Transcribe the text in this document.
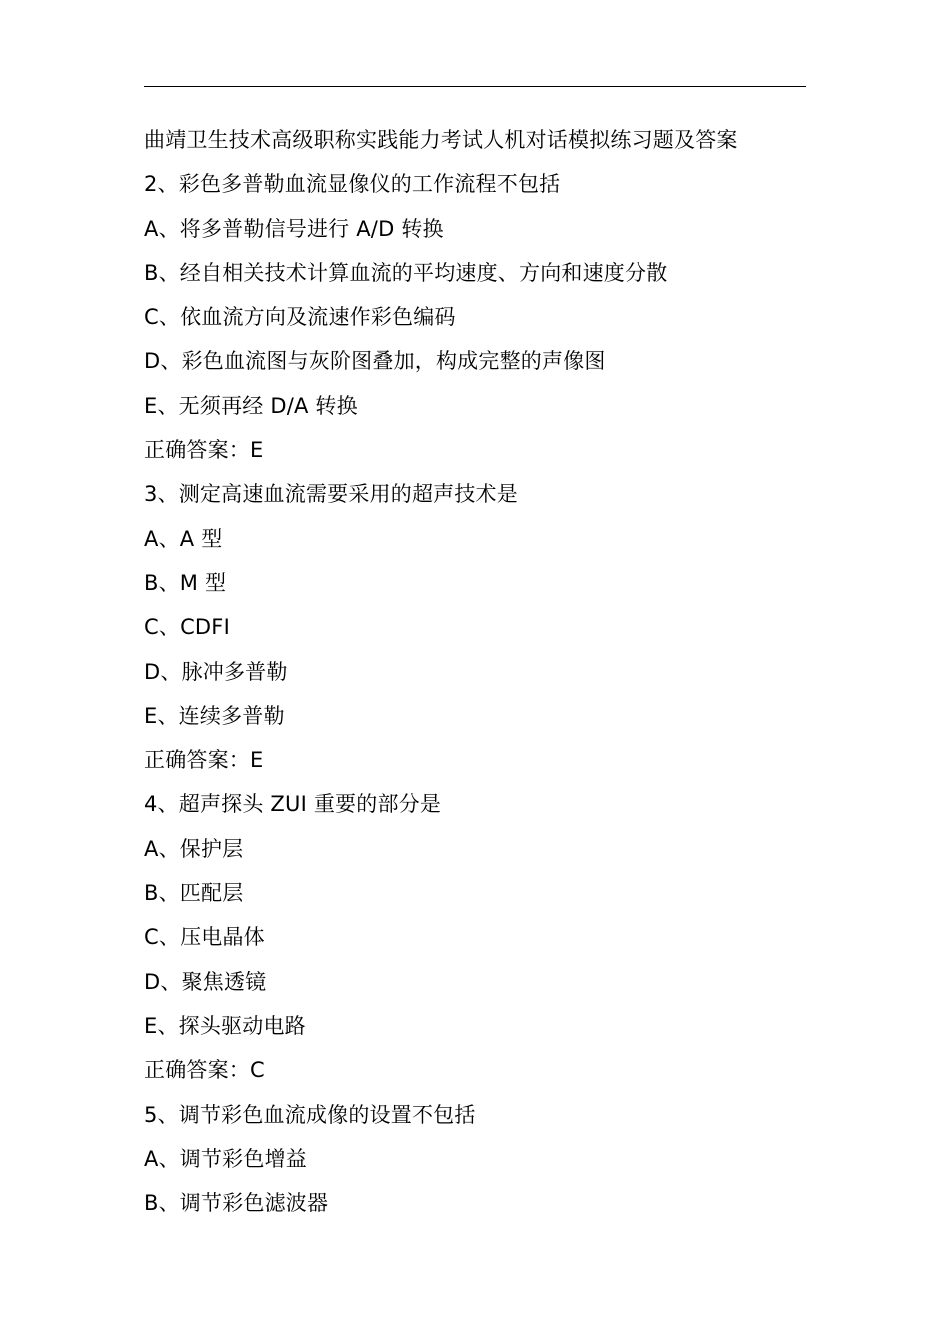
曲靖卫生技术高级职称实践能力考试人机对话模拟练习题及答案
2、彩色多普勒血流显像仪的工作流程不包括
A、将多普勒信号进行 A/D 转换
B、经自相关技术计算血流的平均速度、方向和速度分散
C、依血流方向及流速作彩色编码
D、彩色血流图与灰阶图叠加，构成完整的声像图
E、无须再经 D/A 转换
正确答案：E
3、测定高速血流需要采用的超声技术是
A、A 型
B、M 型
C、CDFI
D、脉冲多普勒
E、连续多普勒
正确答案：E
4、超声探头 ZUI 重要的部分是
A、保护层
B、匹配层
C、压电晶体
D、聚焦透镜
E、探头驱动电路
正确答案：C
5、调节彩色血流成像的设置不包括
A、调节彩色增益
B、调节彩色滤波器
